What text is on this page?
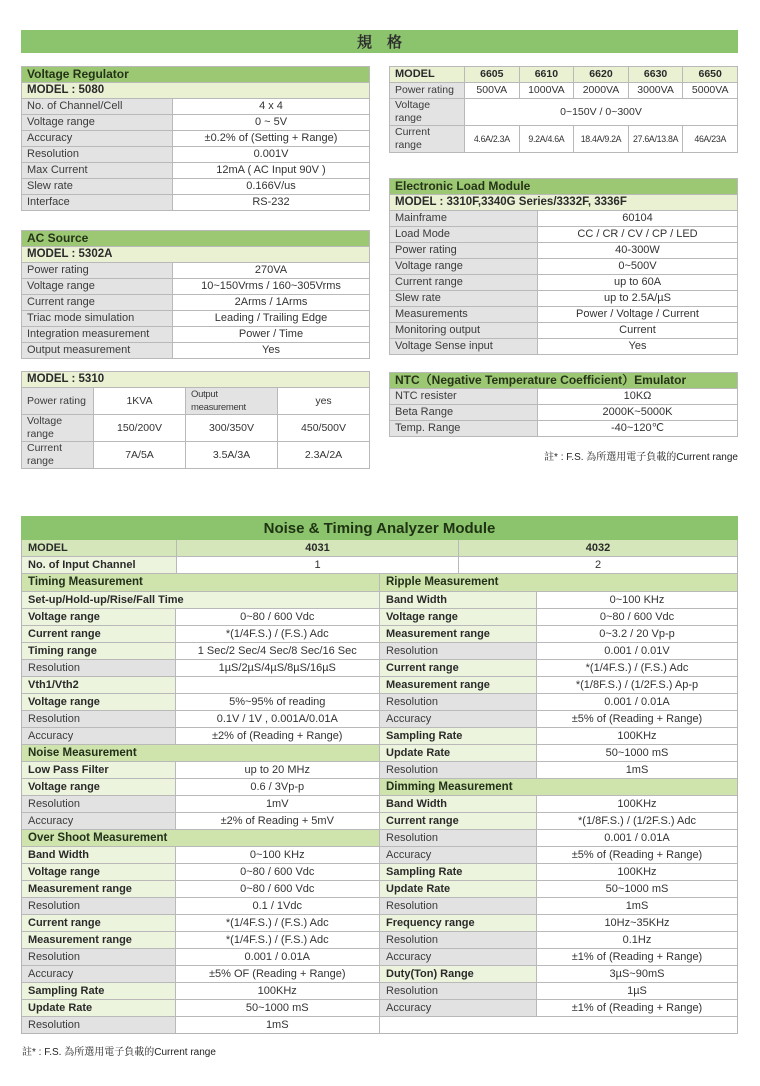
規　格
Voltage Regulator	
MODEL : 5080	
No. of Channel/Cell	4 x 4
Voltage range	0 ~ 5V
Accuracy	±0.2% of (Setting + Range)
Resolution	0.001V
Max Current	12mA ( AC Input 90V )
Slew rate	0.166V/us
Interface	RS-232
AC Source	
MODEL : 5302A	
Power rating	270VA
Voltage range	10~150Vrms / 160~305Vrms
Current range	2Arms / 1Arms
Triac mode simulation	Leading / Trailing Edge
Integration measurement	Power / Time
Output measurement	Yes
MODEL : 5310			
Power rating	1KVA	Output measurement	yes
Voltage range	150/200V	300/350V	450/500V
Current range	7A/5A	3.5A/3A	2.3A/2A
MODEL	6605	6610	6620	6630	6650
Power rating	500VA	1000VA	2000VA	3000VA	5000VA
Voltage range	0~150V / 0~300V				
Current range	4.6A/2.3A	9.2A/4.6A	18.4A/9.2A	27.6A/13.8A	46A/23A
Electronic Load Module	
MODEL : 3310F,3340G Series/3332F, 3336F	
Mainframe	60104
Load Mode	CC / CR / CV / CP / LED
Power rating	40-300W
Voltage range	0~500V
Current range	up to 60A
Slew rate	up to 2.5A/µS
Measurements	Power / Voltage / Current
Monitoring output	Current
Voltage Sense input	Yes
NTC（Negative Temperature Coefficient）Emulator	
NTC resister	10KΩ
Beta Range	2000K~5000K
Temp. Range	-40~120℃
註* : F.S. 為所選用電子負載的Current range
Noise & Timing Analyzer Module
MODEL	4031	4032
No. of Input Channel	1	2
Timing Measurement	
Set-up/Hold-up/Rise/Fall Time	
Voltage range	0~80 / 600 Vdc
Current range	*(1/4F.S.) / (F.S.) Adc
Timing range	1 Sec/2 Sec/4 Sec/8 Sec/16 Sec
Resolution	1µS/2µS/4µS/8µS/16µS
Vth1/Vth2	
Voltage range	5%~95% of reading
Resolution	0.1V / 1V , 0.001A/0.01A
Accuracy	±2% of (Reading + Range)
Noise Measurement	
Low Pass Filter	up to 20 MHz
Voltage range	0.6 / 3Vp-p
Resolution	1mV
Accuracy	±2% of Reading + 5mV
Over Shoot Measurement	
Band Width	0~100 KHz
Voltage range	0~80 / 600 Vdc
Measurement range	0~80 / 600 Vdc
Resolution	0.1 / 1Vdc
Current range	*(1/4F.S.) / (F.S.) Adc
Measurement range	*(1/4F.S.) / (F.S.) Adc
Resolution	0.001 / 0.01A
Accuracy	±5% OF (Reading + Range)
Sampling Rate	100KHz
Update Rate	50~1000 mS
Resolution	1mS
Ripple Measurement	
Band Width	0~100 KHz
Voltage range	0~80 / 600 Vdc
Measurement range	0~3.2 / 20 Vp-p
Resolution	0.001 / 0.01V
Current range	*(1/4F.S.) / (F.S.) Adc
Measurement range	*(1/8F.S.) / (1/2F.S.) Ap-p
Resolution	0.001 / 0.01A
Accuracy	±5% of (Reading + Range)
Sampling Rate	100KHz
Update Rate	50~1000 mS
Resolution	1mS
Dimming Measurement	
Band Width	100KHz
Current range	*(1/8F.S.) / (1/2F.S.) Adc
Resolution	0.001 / 0.01A
Accuracy	±5% of (Reading + Range)
Sampling Rate	100KHz
Update Rate	50~1000 mS
Resolution	1mS
Frequency range	10Hz~35KHz
Resolution	0.1Hz
Accuracy	±1% of (Reading + Range)
Duty(Ton) Range	3µS~90mS
Resolution	1µS
Accuracy	±1% of (Reading + Range)

註* : F.S. 為所選用電子負載的Current range
